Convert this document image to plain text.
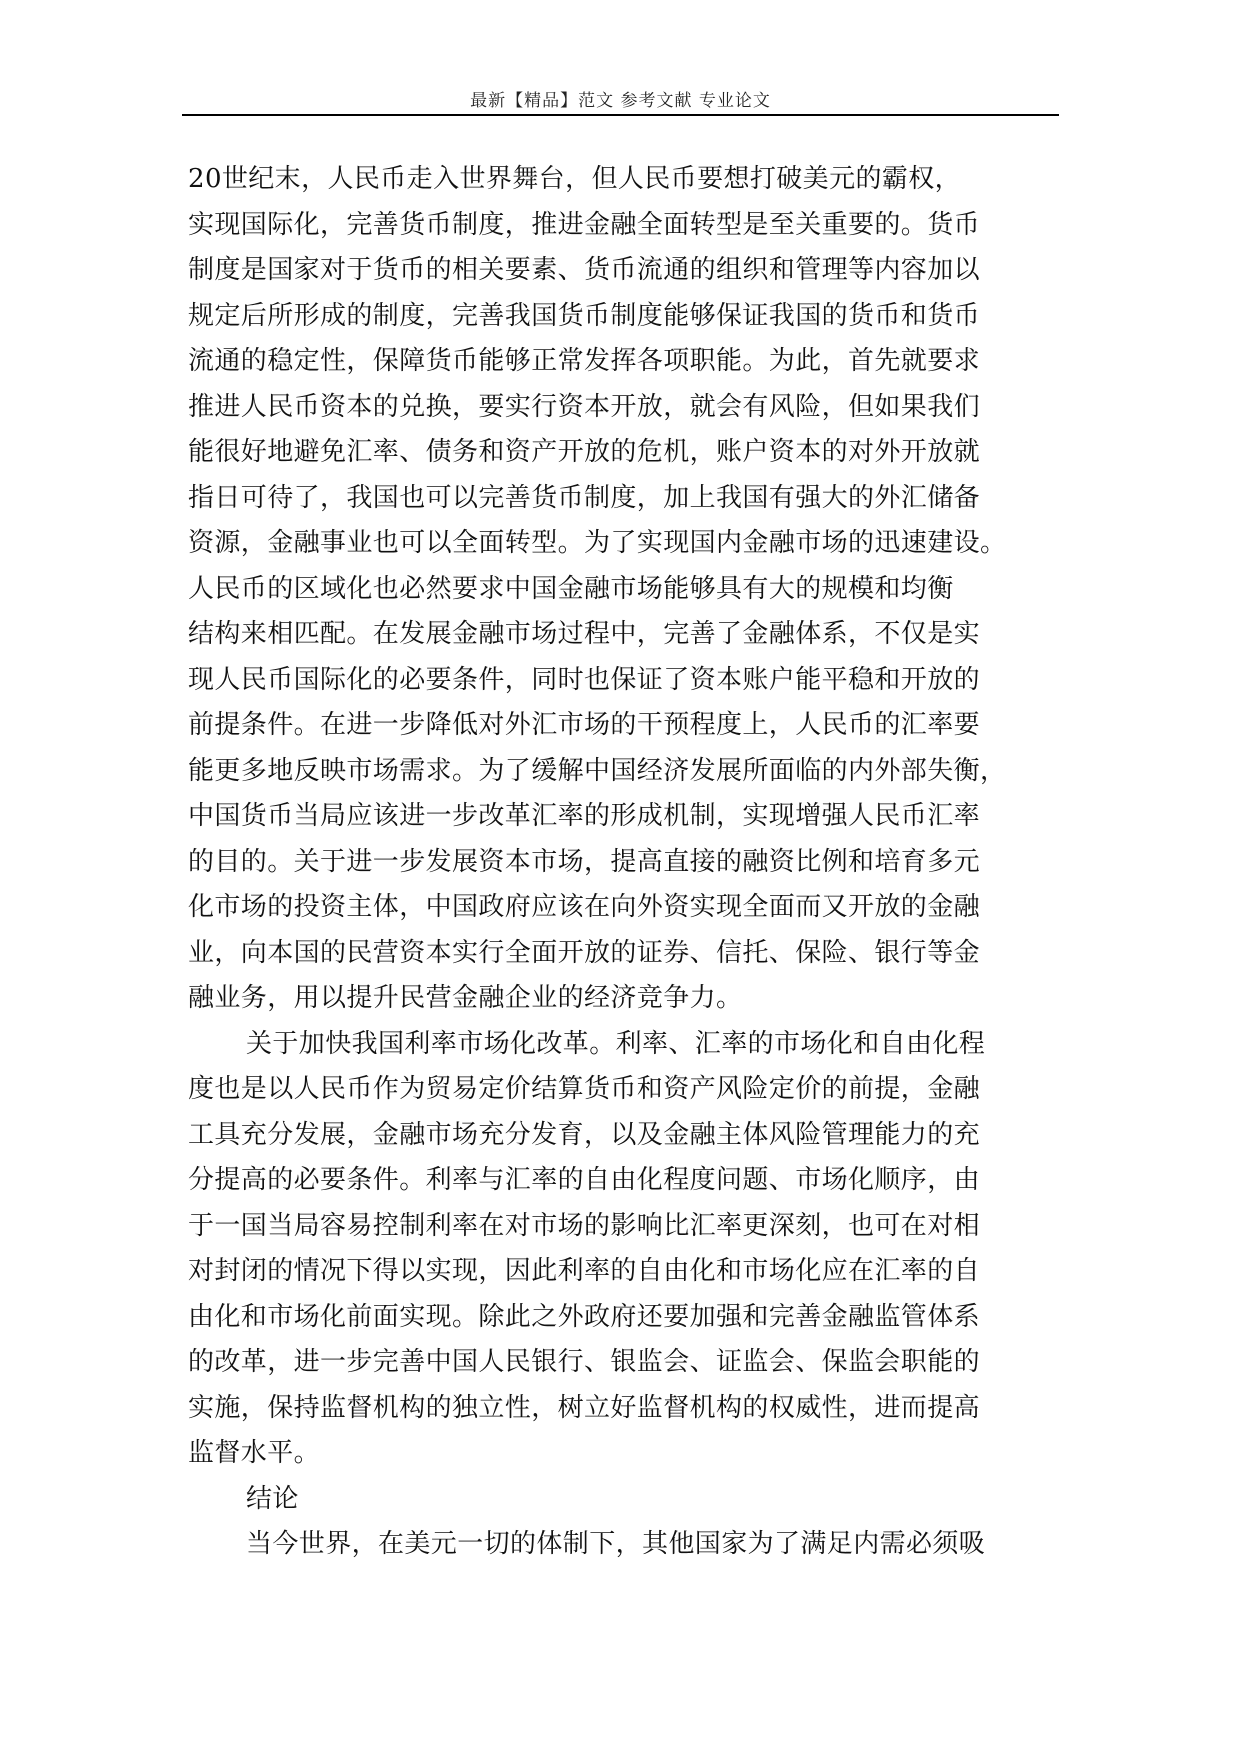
最新【精品】范文 参考文献 专业论文
20世纪末，人民币走入世界舞台，但人民币要想打破美元的霸权，
实现国际化，完善货币制度，推进金融全面转型是至关重要的。货币
制度是国家对于货币的相关要素、货币流通的组织和管理等内容加以
规定后所形成的制度，完善我国货币制度能够保证我国的货币和货币
流通的稳定性，保障货币能够正常发挥各项职能。为此，首先就要求
推进人民币资本的兑换，要实行资本开放，就会有风险，但如果我们
能很好地避免汇率、债务和资产开放的危机，账户资本的对外开放就
指日可待了，我国也可以完善货币制度，加上我国有强大的外汇储备
资源，金融事业也可以全面转型。为了实现国内金融市场的迅速建设。
人民币的区域化也必然要求中国金融市场能够具有大的规模和均衡
结构来相匹配。在发展金融市场过程中，完善了金融体系，不仅是实
现人民币国际化的必要条件，同时也保证了资本账户能平稳和开放的
前提条件。在进一步降低对外汇市场的干预程度上，人民币的汇率要
能更多地反映市场需求。为了缓解中国经济发展所面临的内外部失衡，
中国货币当局应该进一步改革汇率的形成机制，实现增强人民币汇率
的目的。关于进一步发展资本市场，提高直接的融资比例和培育多元
化市场的投资主体，中国政府应该在向外资实现全面而又开放的金融
业，向本国的民营资本实行全面开放的证券、信托、保险、银行等金
融业务，用以提升民营金融企业的经济竞争力。
关于加快我国利率市场化改革。利率、汇率的市场化和自由化程
度也是以人民币作为贸易定价结算货币和资产风险定价的前提，金融
工具充分发展，金融市场充分发育，以及金融主体风险管理能力的充
分提高的必要条件。利率与汇率的自由化程度问题、市场化顺序，由
于一国当局容易控制利率在对市场的影响比汇率更深刻，也可在对相
对封闭的情况下得以实现，因此利率的自由化和市场化应在汇率的自
由化和市场化前面实现。除此之外政府还要加强和完善金融监管体系
的改革，进一步完善中国人民银行、银监会、证监会、保监会职能的
实施，保持监督机构的独立性，树立好监督机构的权威性，进而提高
监督水平。
结论
当今世界，在美元一切的体制下，其他国家为了满足内需必须吸
